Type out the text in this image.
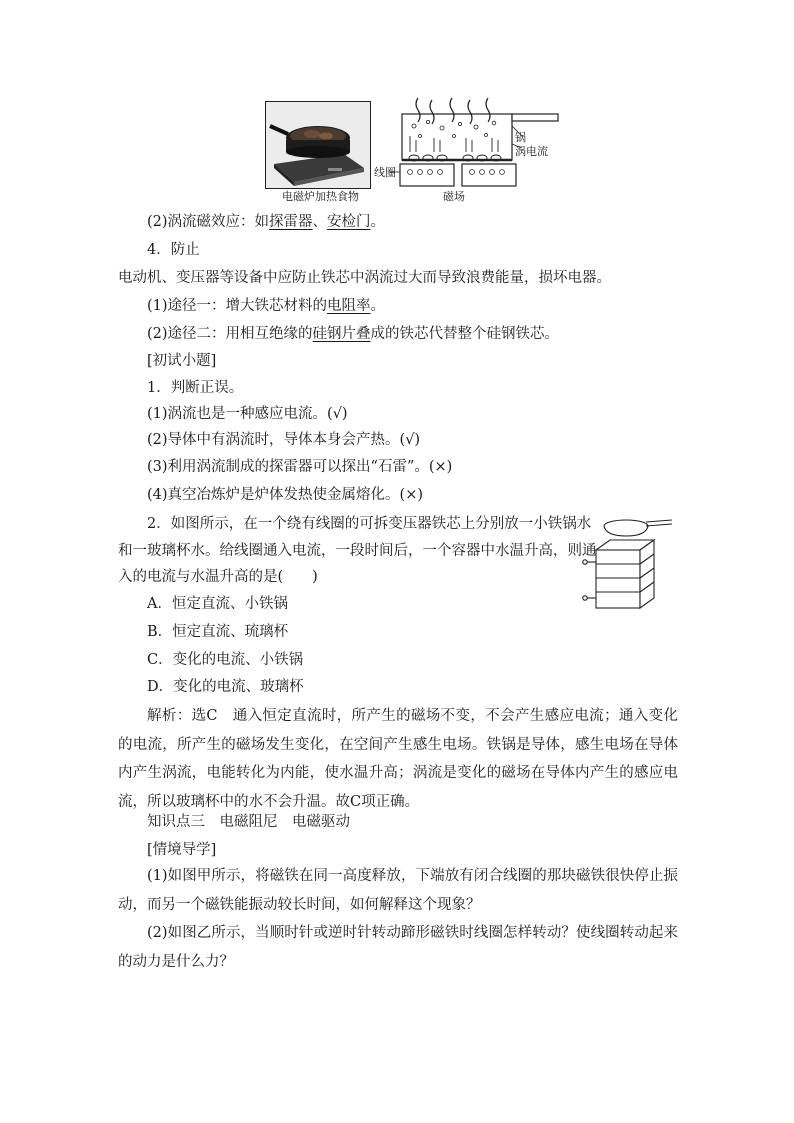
电磁炉加热食物
锅
涡电流
线圈
磁场
(2)涡流磁效应：如探雷器、安检门。
4．防止
电动机、变压器等设备中应防止铁芯中涡流过大而导致浪费能量，损坏电器。
(1)途径一：增大铁芯材料的电阻率。
(2)途径二：用相互绝缘的硅钢片叠成的铁芯代替整个硅钢铁芯。
[初试小题]
1．判断正误。
(1)涡流也是一种感应电流。(√)
(2)导体中有涡流时，导体本身会产热。(√)
(3)利用涡流制成的探雷器可以探出“石雷”。(×)
(4)真空冶炼炉是炉体发热使金属熔化。(×)
2．如图所示，在一个绕有线圈的可拆变压器铁芯上分别放一小铁锅水
和一玻璃杯水。给线圈通入电流，一段时间后，一个容器中水温升高，则通
入的电流与水温升高的是(　　)
A．恒定直流、小铁锅
B．恒定直流、琉璃杯
C．变化的电流、小铁锅
D．变化的电流、玻璃杯
解析：选C　通入恒定直流时，所产生的磁场不变，不会产生感应电流；通入变化的电流，所产生的磁场发生变化，在空间产生感生电场。铁锅是导体，感生电场在导体内产生涡流，电能转化为内能，使水温升高；涡流是变化的磁场在导体内产生的感应电流，所以玻璃杯中的水不会升温。故C项正确。
知识点三　电磁阻尼　电磁驱动
[情境导学]
(1)如图甲所示，将磁铁在同一高度释放，下端放有闭合线圈的那块磁铁很快停止振动，而另一个磁铁能振动较长时间，如何解释这个现象？
(2)如图乙所示，当顺时针或逆时针转动蹄形磁铁时线圈怎样转动？使线圈转动起来的动力是什么力？
